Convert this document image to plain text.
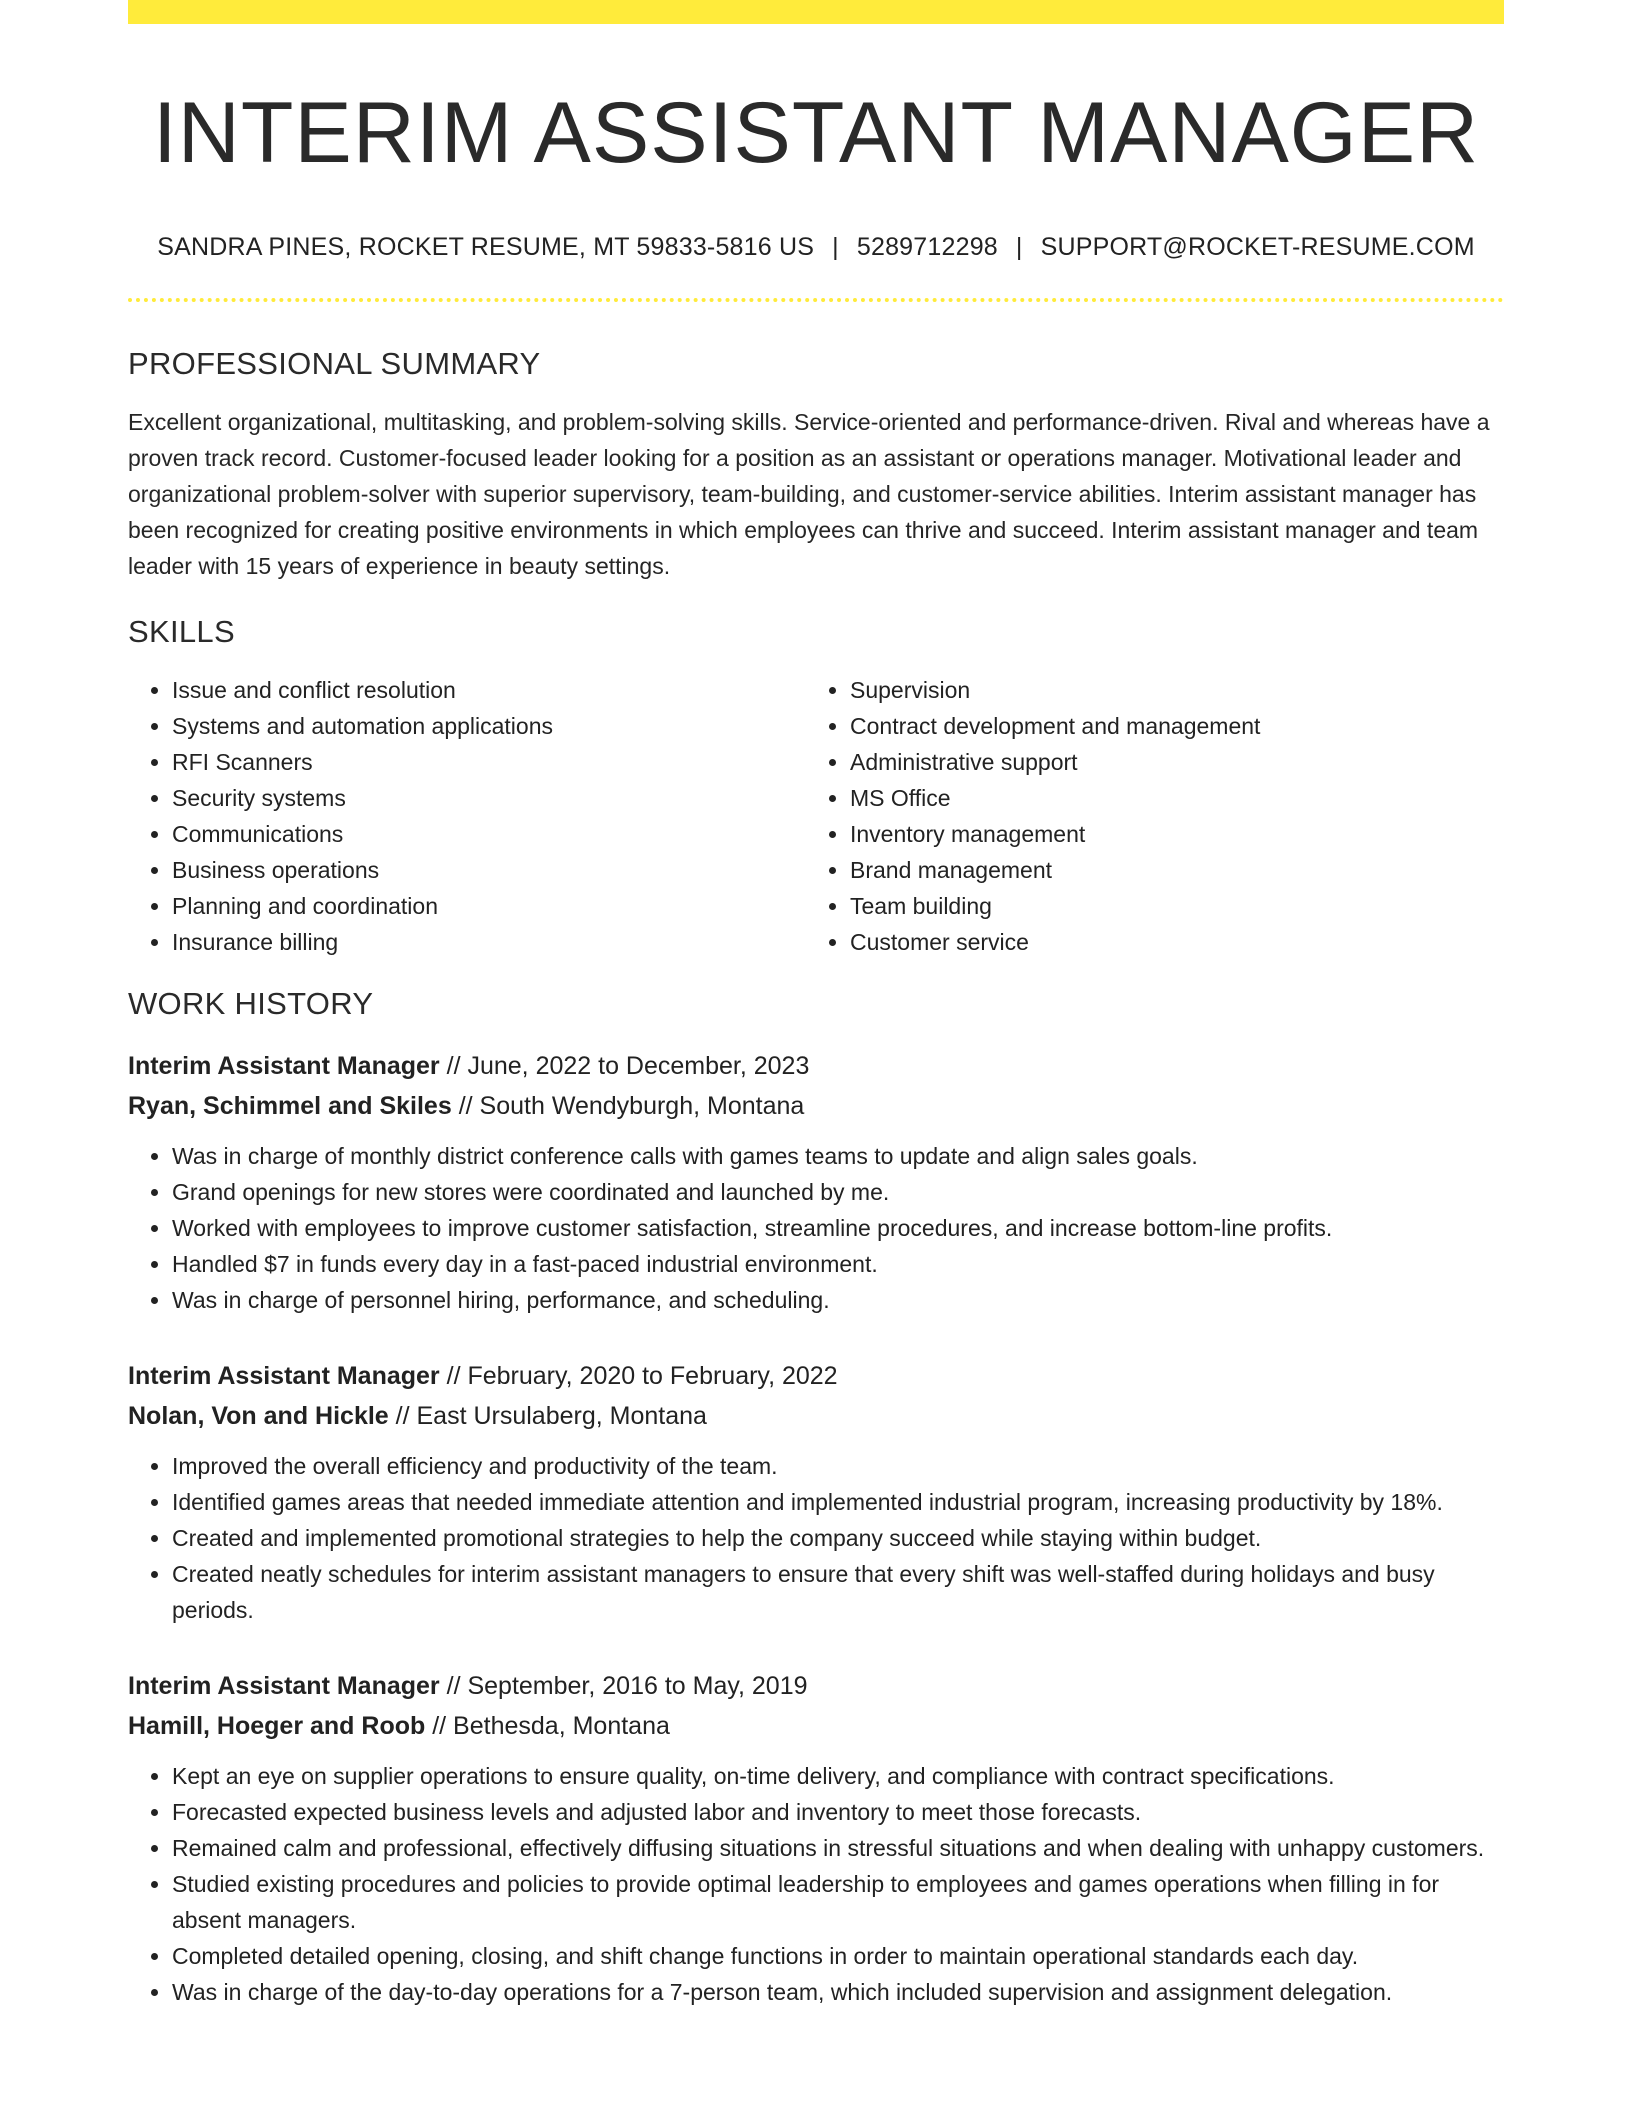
INTERIM ASSISTANT MANAGER
SANDRA PINES, ROCKET RESUME, MT 59833-5816 US | 5289712298 | SUPPORT@ROCKET-RESUME.COM
PROFESSIONAL SUMMARY
Excellent organizational, multitasking, and problem-solving skills. Service-oriented and performance-driven. Rival and whereas have a proven track record. Customer-focused leader looking for a position as an assistant or operations manager. Motivational leader and organizational problem-solver with superior supervisory, team-building, and customer-service abilities. Interim assistant manager has been recognized for creating positive environments in which employees can thrive and succeed. Interim assistant manager and team leader with 15 years of experience in beauty settings.
SKILLS
• Issue and conflict resolution
• Systems and automation applications
• RFI Scanners
• Security systems
• Communications
• Business operations
• Planning and coordination
• Insurance billing
• Supervision
• Contract development and management
• Administrative support
• MS Office
• Inventory management
• Brand management
• Team building
• Customer service
WORK HISTORY
Interim Assistant Manager // June, 2022 to December, 2023
Ryan, Schimmel and Skiles // South Wendyburgh, Montana
• Was in charge of monthly district conference calls with games teams to update and align sales goals.
• Grand openings for new stores were coordinated and launched by me.
• Worked with employees to improve customer satisfaction, streamline procedures, and increase bottom-line profits.
• Handled $7 in funds every day in a fast-paced industrial environment.
• Was in charge of personnel hiring, performance, and scheduling.
Interim Assistant Manager // February, 2020 to February, 2022
Nolan, Von and Hickle // East Ursulaberg, Montana
• Improved the overall efficiency and productivity of the team.
• Identified games areas that needed immediate attention and implemented industrial program, increasing productivity by 18%.
• Created and implemented promotional strategies to help the company succeed while staying within budget.
• Created neatly schedules for interim assistant managers to ensure that every shift was well-staffed during holidays and busy periods.
Interim Assistant Manager // September, 2016 to May, 2019
Hamill, Hoeger and Roob // Bethesda, Montana
• Kept an eye on supplier operations to ensure quality, on-time delivery, and compliance with contract specifications.
• Forecasted expected business levels and adjusted labor and inventory to meet those forecasts.
• Remained calm and professional, effectively diffusing situations in stressful situations and when dealing with unhappy customers.
• Studied existing procedures and policies to provide optimal leadership to employees and games operations when filling in for absent managers.
• Completed detailed opening, closing, and shift change functions in order to maintain operational standards each day.
• Was in charge of the day-to-day operations for a 7-person team, which included supervision and assignment delegation.
